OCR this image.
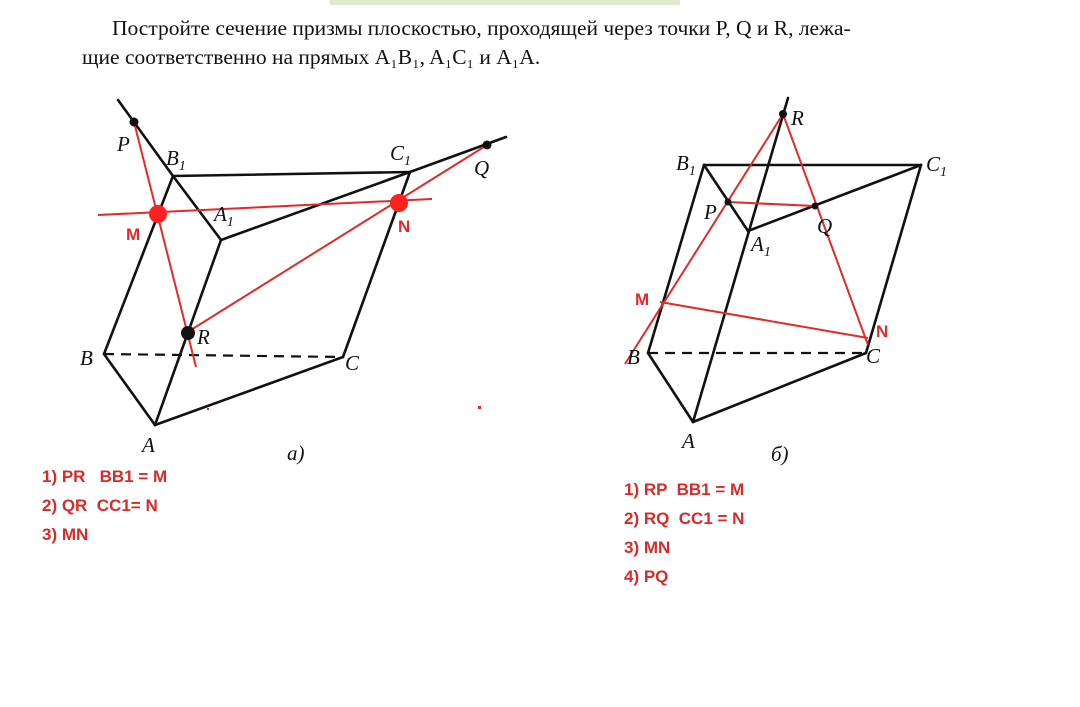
Постройте сечение призмы плоскостью, проходящей через точки P, Q и R, лежа-
щие соответственно на прямых A₁B₁, A₁C₁ и A₁A.
P
$B_1$
$C_1$	Q
$A_1$
R
B	C
A	а)
M	N
R
$B_1$	$C_1$
P
Q
$A_1$
B	C
A
б)
M
N
1) PR   BB1 = M
2) QR  CC1= N
3) MN
1) RP  BB1 = M
2) RQ  CC1 = N
3) MN
4) PQ
